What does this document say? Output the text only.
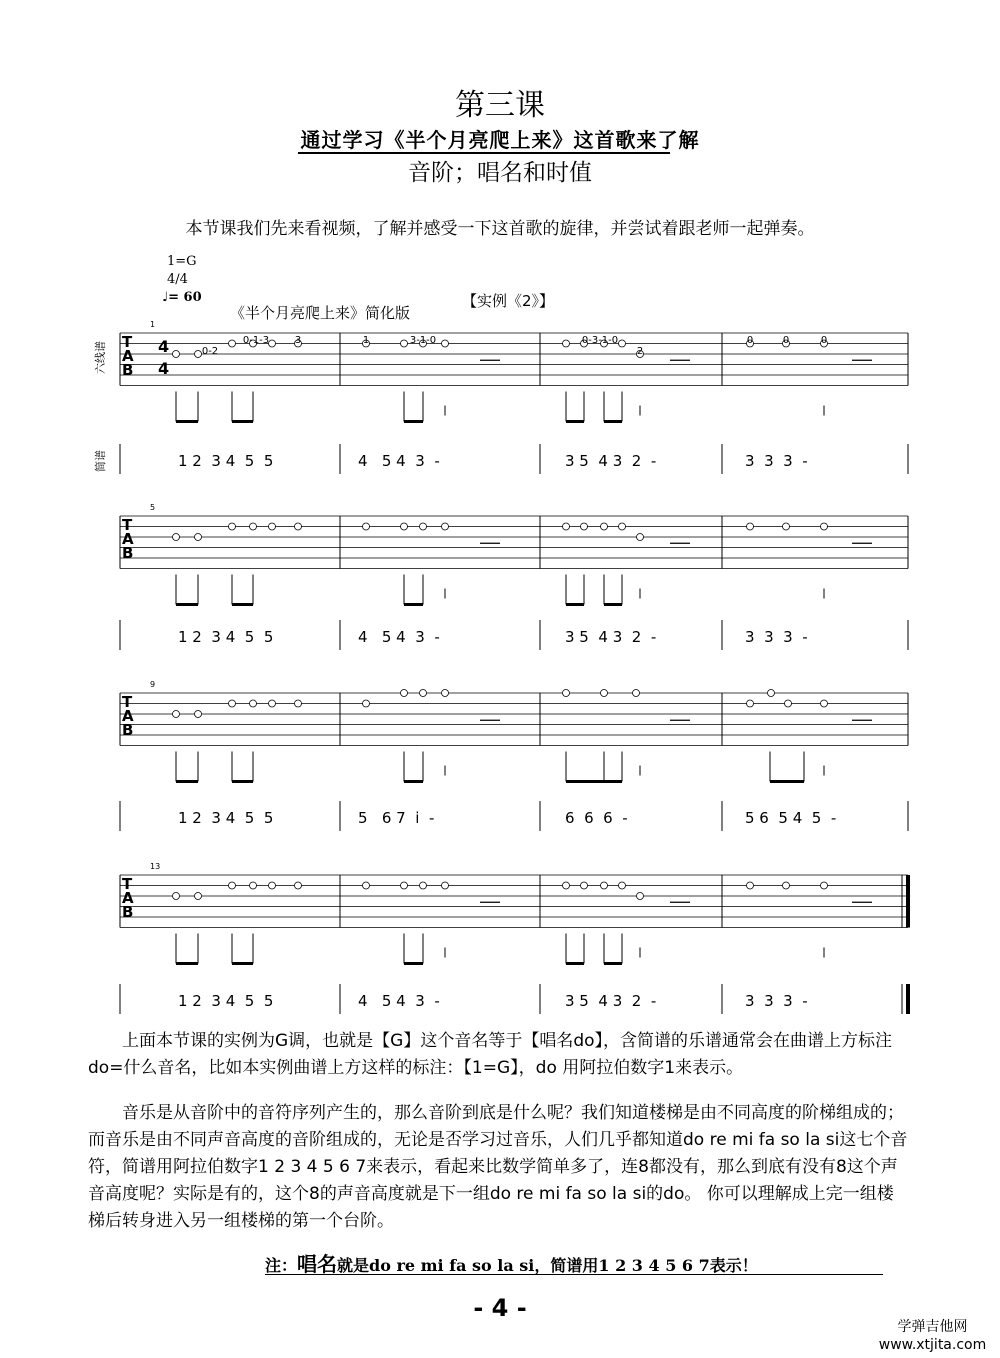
第三课
通过学习《半个月亮爬上来》这首歌来了解
音阶；唱名和时值
本节课我们先来看视频，了解并感受一下这首歌的旋律，并尝试着跟老师一起弹奏。
1=G
4/4
♩= 60
《半个月亮爬上来》简化版
【实例《2》】
T
A
B
1
1 2  3 4  5  5	4   5 4  3  -	3 5  4 3  2  -	3  3  3  -
T
A
B
5
1 2  3 4  5  5	4   5 4  3  -	3 5  4 3  2  -	3  3  3  -
T
A
B
9
1 2  3 4  5  5	5   6 7  i  -	6  6  6  -	5 6  5 4  5  -
T
A
B
13
1 2  3 4  5  5	4   5 4  3  -	3 5  4 3  2  -	3  3  3  -
0-2
0-1-3	3	1	3-1-0	0-3-1-0
2
0	0	0
4
4
六线谱
简谱
上面本节课的实例为G调，也就是【G】这个音名等于【唱名do】，含简谱的乐谱通常会在曲谱上方标注do=什么音名，比如本实例曲谱上方这样的标注：【1=G】，do 用阿拉伯数字1来表示。
音乐是从音阶中的音符序列产生的，那么音阶到底是什么呢？我们知道楼梯是由不同高度的阶梯组成的；而音乐是由不同声音高度的音阶组成的，无论是否学习过音乐，人们几乎都知道do re mi fa so la si这七个音符，简谱用阿拉伯数字1 2 3 4 5 6 7来表示，看起来比数学简单多了，连8都没有，那么到底有没有8这个声音高度呢？实际是有的，这个8的声音高度就是下一组do re mi fa so la si的do。 你可以理解成上完一组楼梯后转身进入另一组楼梯的第一个台阶。
注：唱名就是do re mi fa so la si，简谱用1 2 3 4 5 6 7表示！
- 4 -
学弹吉他网
www.xtjita.com
